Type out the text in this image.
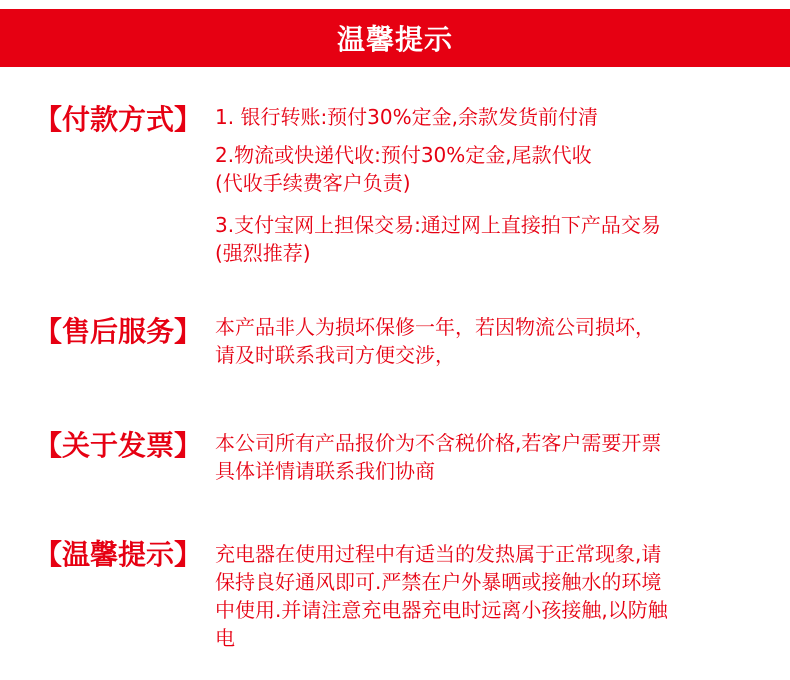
温馨提示
【付款方式】 1. 银行转账:预付30%定金,余款发货前付清

2.物流或快递代收:预付30%定金,尾款代收

(代收手续费客户负责)

3.支付宝网上担保交易:通过网上直接拍下产品交易

(强烈推荐)

【售后服务】 本产品非人为损坏保修一年，若因物流公司损坏，

请及时联系我司方便交涉，

【关于发票】 本公司所有产品报价为不含税价格,若客户需要开票

具体详情请联系我们协商

【温馨提示】 充电器在使用过程中有适当的发热属于正常现象,请

保持良好通风即可.严禁在户外暴晒或接触水的环境

中使用.并请注意充电器充电时远离小孩接触,以防触

电
